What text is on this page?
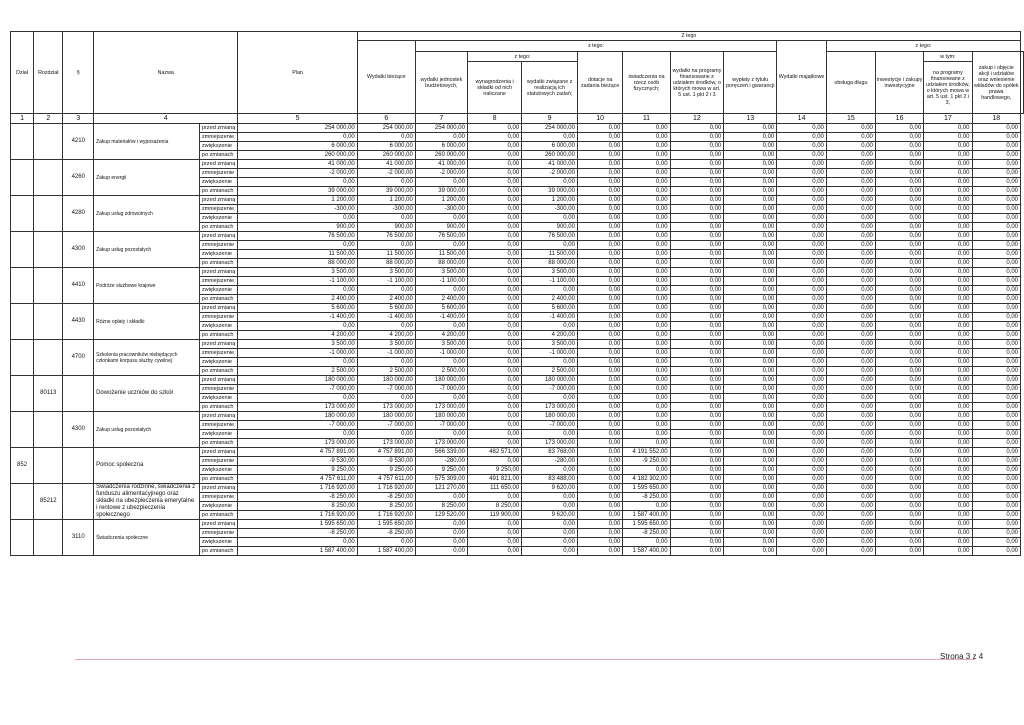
Dział	Rozdział	§	Nazwa		Plan	Z tego													
						Wydatki bieżące	z tego:							Wydatki majątkowe	z tego:				
							wydatki jednostek budżetowych,	z tego:		dotacje na zadania bieżące	świadczenia na rzecz osób fizycznych;	wydatki na programy finansowane z udziałem środków, o których mowa w art. 5 ust. 1 pkt 2 i 3	wypłaty z tytułu poręczeń i gwarancji		obsługa długu	inwestycje i zakupy inwestycyjne	w tym:	zakup i objęcie akcji i udziałów oraz wniesienie wkładów do spółek prawa handlowego,	
								wynagrodzenia i składki od nich naliczane	wydatki związane z realizacją ich statutowych zadań;								na programy finansowane z udziałem środków, o których mowa w art. 5 ust. 1 pkt 2 i 3,		
1	2	3	4		5	6	7	8	9	10	11	12	13	14	15	16	17	18	
		4210	Zakup materiałów i wyposażenia	przed zmianą	254 000,00	254 000,00	254 000,00	0,00	254 000,00	0,00	0,00	0,00	0,00	0,00	0,00	0,00	0,00	0,00	
				zmniejszenie	0,00	0,00	0,00	0,00	0,00	0,00	0,00	0,00	0,00	0,00	0,00	0,00	0,00	0,00	
				zwiększenie	6 000,00	6 000,00	6 000,00	0,00	6 000,00	0,00	0,00	0,00	0,00	0,00	0,00	0,00	0,00	0,00	
				po zmianach	260 000,00	260 000,00	260 000,00	0,00	260 000,00	0,00	0,00	0,00	0,00	0,00	0,00	0,00	0,00	0,00	
		4260	Zakup energii	przed zmianą	41 000,00	41 000,00	41 000,00	0,00	41 000,00	0,00	0,00	0,00	0,00	0,00	0,00	0,00	0,00	0,00	
				zmniejszenie	-2 000,00	-2 000,00	-2 000,00	0,00	-2 000,00	0,00	0,00	0,00	0,00	0,00	0,00	0,00	0,00	0,00	
				zwiększenie	0,00	0,00	0,00	0,00	0,00	0,00	0,00	0,00	0,00	0,00	0,00	0,00	0,00	0,00	
				po zmianach	39 000,00	39 000,00	39 000,00	0,00	39 000,00	0,00	0,00	0,00	0,00	0,00	0,00	0,00	0,00	0,00	
		4280	Zakup usług zdrowotnych	przed zmianą	1 200,00	1 200,00	1 200,00	0,00	1 200,00	0,00	0,00	0,00	0,00	0,00	0,00	0,00	0,00	0,00	
				zmniejszenie	-300,00	-300,00	-300,00	0,00	-300,00	0,00	0,00	0,00	0,00	0,00	0,00	0,00	0,00	0,00	
				zwiększenie	0,00	0,00	0,00	0,00	0,00	0,00	0,00	0,00	0,00	0,00	0,00	0,00	0,00	0,00	
				po zmianach	900,00	900,00	900,00	0,00	900,00	0,00	0,00	0,00	0,00	0,00	0,00	0,00	0,00	0,00	
		4300	Zakup usług pozostałych	przed zmianą	76 500,00	76 500,00	76 500,00	0,00	76 500,00	0,00	0,00	0,00	0,00	0,00	0,00	0,00	0,00	0,00	
				zmniejszenie	0,00	0,00	0,00	0,00	0,00	0,00	0,00	0,00	0,00	0,00	0,00	0,00	0,00	0,00	
				zwiększenie	11 500,00	11 500,00	11 500,00	0,00	11 500,00	0,00	0,00	0,00	0,00	0,00	0,00	0,00	0,00	0,00	
				po zmianach	88 000,00	88 000,00	88 000,00	0,00	88 000,00	0,00	0,00	0,00	0,00	0,00	0,00	0,00	0,00	0,00	
		4410	Podróże służbowe krajowe	przed zmianą	3 500,00	3 500,00	3 500,00	0,00	3 500,00	0,00	0,00	0,00	0,00	0,00	0,00	0,00	0,00	0,00	
				zmniejszenie	-1 100,00	-1 100,00	-1 100,00	0,00	-1 100,00	0,00	0,00	0,00	0,00	0,00	0,00	0,00	0,00	0,00	
				zwiększenie	0,00	0,00	0,00	0,00	0,00	0,00	0,00	0,00	0,00	0,00	0,00	0,00	0,00	0,00	
				po zmianach	2 400,00	2 400,00	2 400,00	0,00	2 400,00	0,00	0,00	0,00	0,00	0,00	0,00	0,00	0,00	0,00	
		4430	Różne opłaty i składki	przed zmianą	5 600,00	5 600,00	5 600,00	0,00	5 600,00	0,00	0,00	0,00	0,00	0,00	0,00	0,00	0,00	0,00	
				zmniejszenie	-1 400,00	-1 400,00	-1 400,00	0,00	-1 400,00	0,00	0,00	0,00	0,00	0,00	0,00	0,00	0,00	0,00	
				zwiększenie	0,00	0,00	0,00	0,00	0,00	0,00	0,00	0,00	0,00	0,00	0,00	0,00	0,00	0,00	
				po zmianach	4 200,00	4 200,00	4 200,00	0,00	4 200,00	0,00	0,00	0,00	0,00	0,00	0,00	0,00	0,00	0,00	
		4700	Szkolenia pracowników niebędących członkami korpusu służby cywilnej	przed zmianą	3 500,00	3 500,00	3 500,00	0,00	3 500,00	0,00	0,00	0,00	0,00	0,00	0,00	0,00	0,00	0,00	
				zmniejszenie	-1 000,00	-1 000,00	-1 000,00	0,00	-1 000,00	0,00	0,00	0,00	0,00	0,00	0,00	0,00	0,00	0,00	
				zwiększenie	0,00	0,00	0,00	0,00	0,00	0,00	0,00	0,00	0,00	0,00	0,00	0,00	0,00	0,00	
				po zmianach	2 500,00	2 500,00	2 500,00	0,00	2 500,00	0,00	0,00	0,00	0,00	0,00	0,00	0,00	0,00	0,00	
	80113		Dowożenie uczniów do szkół	przed zmianą	180 000,00	180 000,00	180 000,00	0,00	180 000,00	0,00	0,00	0,00	0,00	0,00	0,00	0,00	0,00	0,00	
				zmniejszenie	-7 000,00	-7 000,00	-7 000,00	0,00	-7 000,00	0,00	0,00	0,00	0,00	0,00	0,00	0,00	0,00	0,00	
				zwiększenie	0,00	0,00	0,00	0,00	0,00	0,00	0,00	0,00	0,00	0,00	0,00	0,00	0,00	0,00	
				po zmianach	173 000,00	173 000,00	173 000,00	0,00	173 000,00	0,00	0,00	0,00	0,00	0,00	0,00	0,00	0,00	0,00	
		4300	Zakup usług pozostałych	przed zmianą	180 000,00	180 000,00	180 000,00	0,00	180 000,00	0,00	0,00	0,00	0,00	0,00	0,00	0,00	0,00	0,00	
				zmniejszenie	-7 000,00	-7 000,00	-7 000,00	0,00	-7 000,00	0,00	0,00	0,00	0,00	0,00	0,00	0,00	0,00	0,00	
				zwiększenie	0,00	0,00	0,00	0,00	0,00	0,00	0,00	0,00	0,00	0,00	0,00	0,00	0,00	0,00	
				po zmianach	173 000,00	173 000,00	173 000,00	0,00	173 000,00	0,00	0,00	0,00	0,00	0,00	0,00	0,00	0,00	0,00	
852			Pomoc społeczna	przed zmianą	4 757 891,00	4 757 891,00	566 339,00	482 571,00	83 768,00	0,00	4 191 552,00	0,00	0,00	0,00	0,00	0,00	0,00	0,00	
				zmniejszenie	-9 530,00	-9 530,00	-280,00	0,00	-280,00	0,00	-9 250,00	0,00	0,00	0,00	0,00	0,00	0,00	0,00	
				zwiększenie	9 250,00	9 250,00	9 250,00	9 250,00	0,00	0,00	0,00	0,00	0,00	0,00	0,00	0,00	0,00	0,00	
				po zmianach	4 757 611,00	4 757 611,00	575 309,00	491 821,00	83 488,00	0,00	4 182 302,00	0,00	0,00	0,00	0,00	0,00	0,00	0,00	
	85212		Świadczenia rodzinne, świadczenia z funduszu alimentacyjnego oraz składki na ubezpieczenia emerytalne i rentowe z ubezpieczenia społecznego	przed zmianą	1 716 920,00	1 716 920,00	121 270,00	111 650,00	9 620,00	0,00	1 595 650,00	0,00	0,00	0,00	0,00	0,00	0,00	0,00	
				zmniejszenie	-8 250,00	-8 250,00	0,00	0,00	0,00	0,00	-8 250,00	0,00	0,00	0,00	0,00	0,00	0,00	0,00	
				zwiększenie	8 250,00	8 250,00	8 250,00	8 250,00	0,00	0,00	0,00	0,00	0,00	0,00	0,00	0,00	0,00	0,00	
				po zmianach	1 716 920,00	1 716 920,00	129 520,00	119 900,00	9 620,00	0,00	1 587 400,00	0,00	0,00	0,00	0,00	0,00	0,00	0,00	
		3110	Świadczenia społeczne	przed zmianą	1 595 650,00	1 595 650,00	0,00	0,00	0,00	0,00	1 595 650,00	0,00	0,00	0,00	0,00	0,00	0,00	0,00	
				zmniejszenie	-8 250,00	-8 250,00	0,00	0,00	0,00	0,00	-8 250,00	0,00	0,00	0,00	0,00	0,00	0,00	0,00	
				zwiększenie	0,00	0,00	0,00	0,00	0,00	0,00	0,00	0,00	0,00	0,00	0,00	0,00	0,00	0,00	
				po zmianach	1 587 400,00	1 587 400,00	0,00	0,00	0,00	0,00	1 587 400,00	0,00	0,00	0,00	0,00	0,00	0,00	0,00	
Strona 3 z 4
